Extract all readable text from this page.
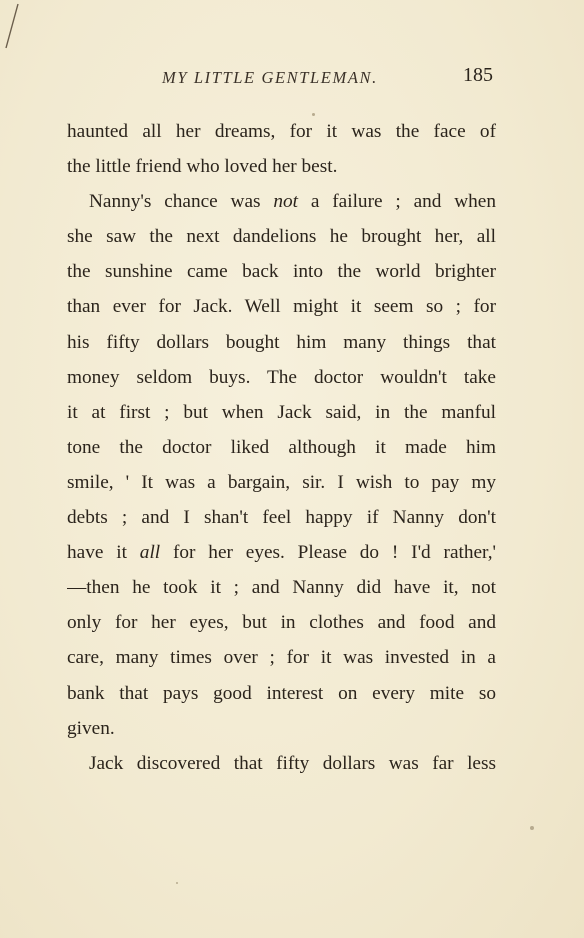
MY LITTLE GENTLEMAN.	185
haunted all her dreams, for it was the face of
the little friend who loved her best.
Nanny's chance was not a failure ; and when
she saw the next dandelions he brought her, all
the sunshine came back into the world brighter
than ever for Jack. Well might it seem so ; for
his fifty dollars bought him many things that
money seldom buys. The doctor wouldn't take
it at first ; but when Jack said, in the manful
tone the doctor liked although it made him
smile, ' It was a bargain, sir. I wish to pay my
debts ; and I shan't feel happy if Nanny don't
have it all for her eyes. Please do ! I'd rather,'
—then he took it ; and Nanny did have it, not
only for her eyes, but in clothes and food and
care, many times over ; for it was invested in a
bank that pays good interest on every mite so
given.
Jack discovered that fifty dollars was far less
